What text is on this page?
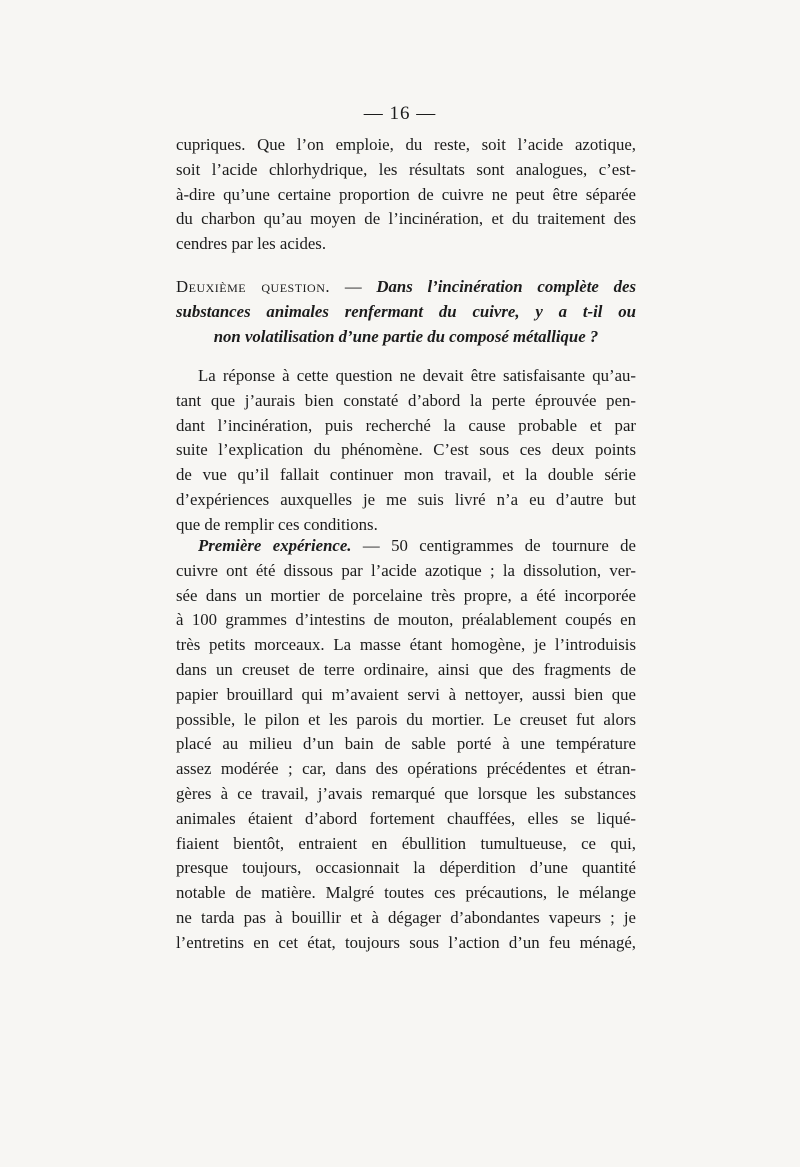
— 16 —
cupriques. Que l’on emploie, du reste, soit l’acide azotique,
soit l’acide chlorhydrique, les résultats sont analogues, c’est-
à-dire qu’une certaine proportion de cuivre ne peut être séparée
du charbon qu’au moyen de l’incinération, et du traitement des
cendres par les acides.
Deuxième question. — Dans l’incinération complète des
substances animales renfermant du cuivre, y a t-il ou
non volatilisation d’une partie du composé métallique ?
La réponse à cette question ne devait être satisfaisante qu’au-
tant que j’aurais bien constaté d’abord la perte éprouvée pen-
dant l’incinération, puis recherché la cause probable et par
suite l’explication du phénomène. C’est sous ces deux points
de vue qu’il fallait continuer mon travail, et la double série
d’expériences auxquelles je me suis livré n’a eu d’autre but
que de remplir ces conditions.
Première expérience. — 50 centigrammes de tournure de
cuivre ont été dissous par l’acide azotique ; la dissolution, ver-
sée dans un mortier de porcelaine très propre, a été incorporée
à 100 grammes d’intestins de mouton, préalablement coupés en
très petits morceaux. La masse étant homogène, je l’introduisis
dans un creuset de terre ordinaire, ainsi que des fragments de
papier brouillard qui m’avaient servi à nettoyer, aussi bien que
possible, le pilon et les parois du mortier. Le creuset fut alors
placé au milieu d’un bain de sable porté à une température
assez modérée ; car, dans des opérations précédentes et étran-
gères à ce travail, j’avais remarqué que lorsque les substances
animales étaient d’abord fortement chauffées, elles se liqué-
fiaient bientôt, entraient en ébullition tumultueuse, ce qui,
presque toujours, occasionnait la déperdition d’une quantité
notable de matière. Malgré toutes ces précautions, le mélange
ne tarda pas à bouillir et à dégager d’abondantes vapeurs ; je
l’entretins en cet état, toujours sous l’action d’un feu ménagé,
